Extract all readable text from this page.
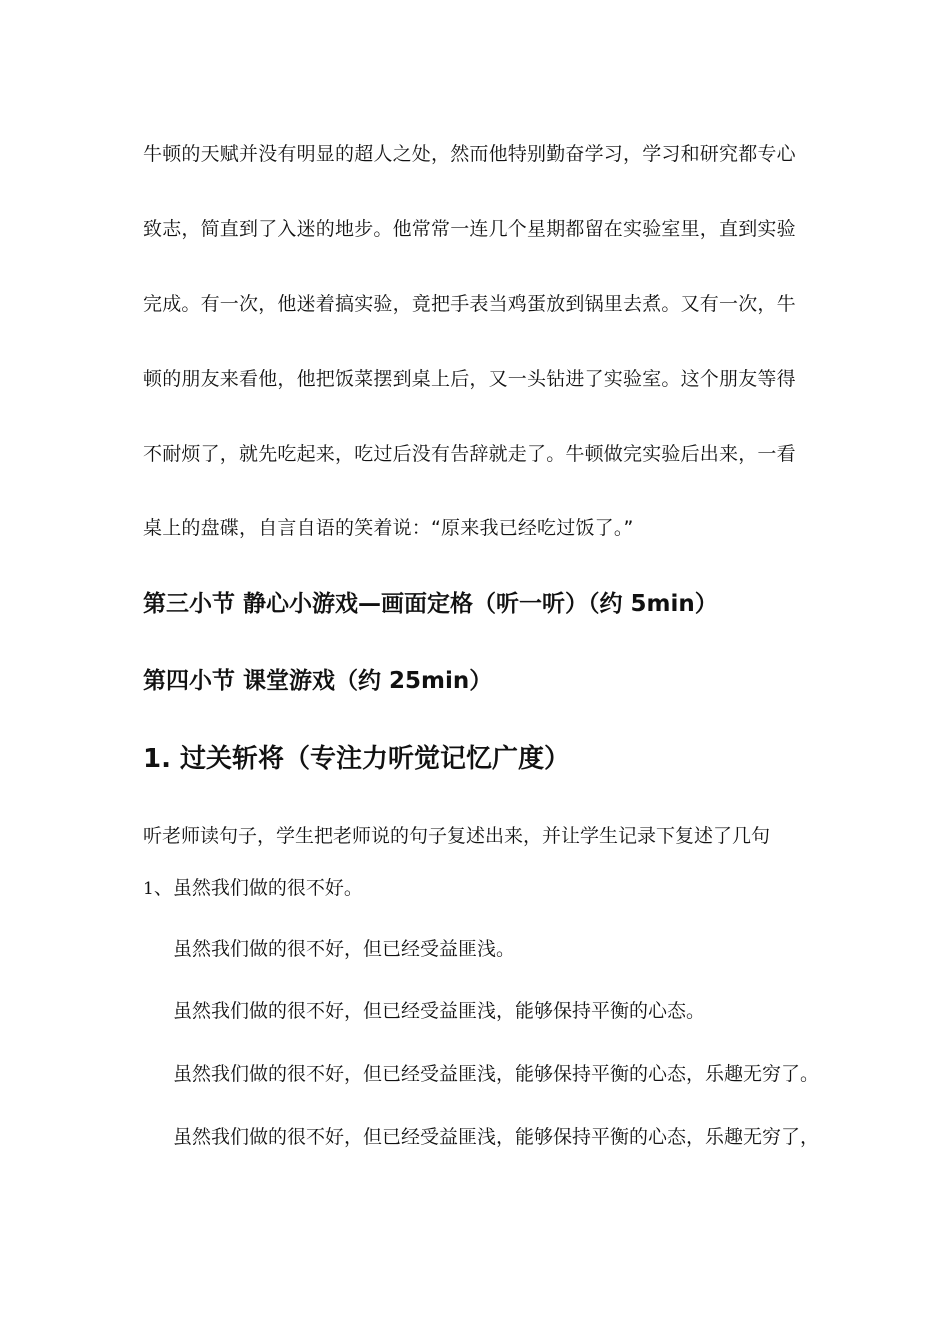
牛顿的天赋并没有明显的超人之处，然而他特别勤奋学习，学习和研究都专心
致志，简直到了入迷的地步。他常常一连几个星期都留在实验室里，直到实验
完成。有一次，他迷着搞实验，竟把手表当鸡蛋放到锅里去煮。又有一次，牛
顿的朋友来看他，他把饭菜摆到桌上后，又一头钻进了实验室。这个朋友等得
不耐烦了，就先吃起来，吃过后没有告辞就走了。牛顿做完实验后出来，一看
桌上的盘碟，自言自语的笑着说：“原来我已经吃过饭了。”
第三小节 静心小游戏—画面定格（听一听）（约 5min）
第四小节 课堂游戏（约 25min）
1. 过关斩将（专注力听觉记忆广度）
听老师读句子，学生把老师说的句子复述出来，并让学生记录下复述了几句
1、虽然我们做的很不好。
虽然我们做的很不好，但已经受益匪浅。
虽然我们做的很不好，但已经受益匪浅，能够保持平衡的心态。
虽然我们做的很不好，但已经受益匪浅，能够保持平衡的心态，乐趣无穷了。
虽然我们做的很不好，但已经受益匪浅，能够保持平衡的心态，乐趣无穷了，
